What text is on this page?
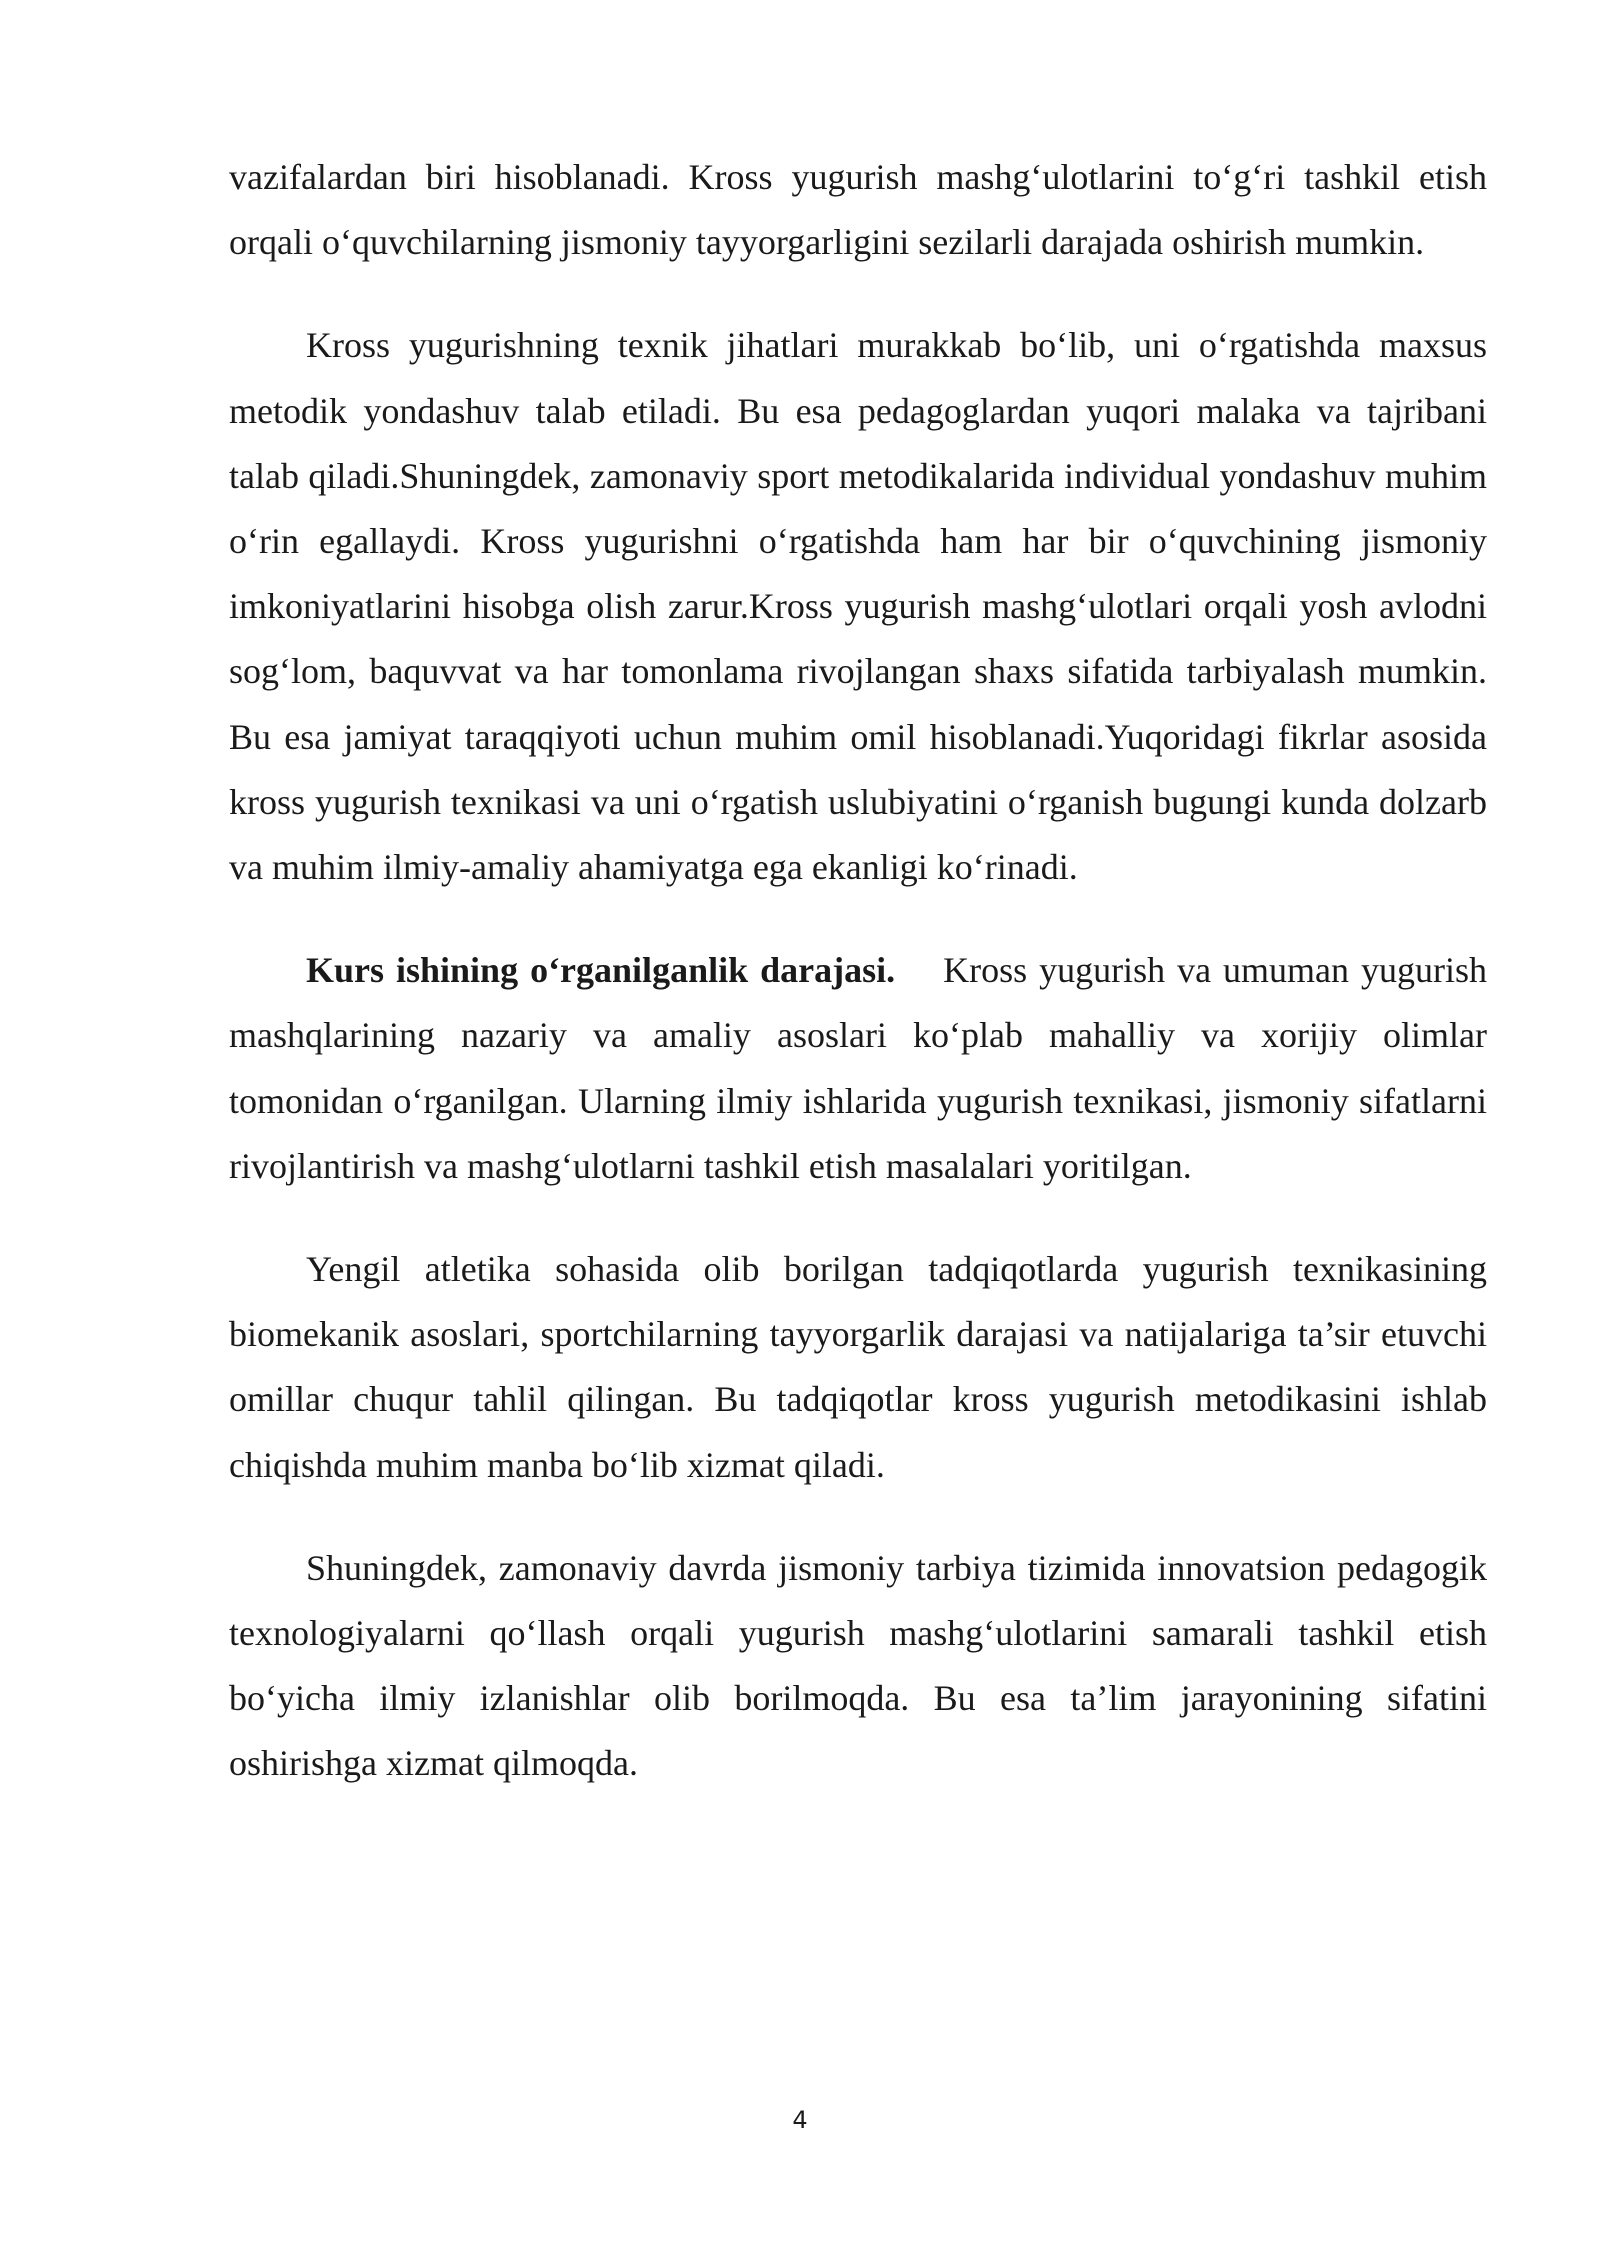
vazifalardan biri hisoblanadi. Kross yugurish mashg‘ulotlarini to‘g‘ri tashkil etish orqali o‘quvchilarning jismoniy tayyorgarligini sezilarli darajada oshirish mumkin.

Kross yugurishning texnik jihatlari murakkab bo‘lib, uni o‘rgatishda maxsus metodik yondashuv talab etiladi. Bu esa pedagoglardan yuqori malaka va tajribani talab qiladi.Shuningdek, zamonaviy sport metodikalarida individual yondashuv muhim o‘rin egallaydi. Kross yugurishni o‘rgatishda ham har bir o‘quvchining jismoniy imkoniyatlarini hisobga olish zarur.Kross yugurish mashg‘ulotlari orqali yosh avlodni sog‘lom, baquvvat va har tomonlama rivojlangan shaxs sifatida tarbiyalash mumkin. Bu esa jamiyat taraqqiyoti uchun muhim omil hisoblanadi.Yuqoridagi fikrlar asosida kross yugurish texnikasi va uni o‘rgatish uslubiyatini o‘rganish bugungi kunda dolzarb va muhim ilmiy-amaliy ahamiyatga ega ekanligi ko‘rinadi.

Kurs ishining o‘rganilganlik darajasi. Kross yugurish va umuman yugurish mashqlarining nazariy va amaliy asoslari ko‘plab mahalliy va xorijiy olimlar tomonidan o‘rganilgan. Ularning ilmiy ishlarida yugurish texnikasi, jismoniy sifatlarni rivojlantirish va mashg‘ulotlarni tashkil etish masalalari yoritilgan.

Yengil atletika sohasida olib borilgan tadqiqotlarda yugurish texnikasining biomekanik asoslari, sportchilarning tayyorgarlik darajasi va natijalariga ta’sir etuvchi omillar chuqur tahlil qilingan. Bu tadqiqotlar kross yugurish metodikasini ishlab chiqishda muhim manba bo‘lib xizmat qiladi.

Shuningdek, zamonaviy davrda jismoniy tarbiya tizimida innovatsion pedagogik texnologiyalarni qo‘llash orqali yugurish mashg‘ulotlarini samarali tashkil etish bo‘yicha ilmiy izlanishlar olib borilmoqda. Bu esa ta’lim jarayonining sifatini oshirishga xizmat qilmoqda.

4
